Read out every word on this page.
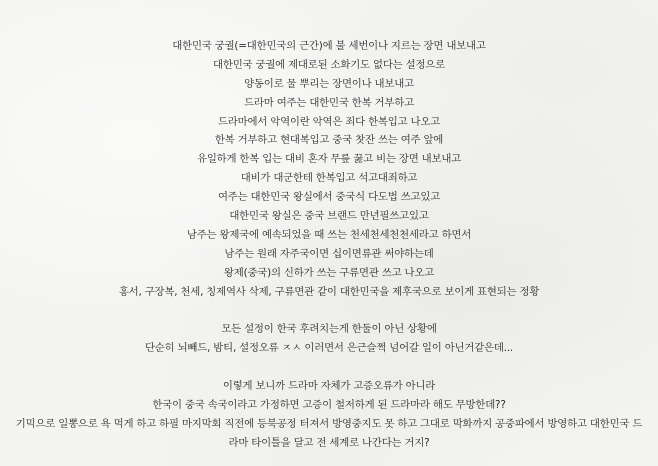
대한민국 궁궐(=대한민국의 근간)에 불 세번이나 지르는 장면 내보내고
대한민국 궁궐에 제대로된 소화기도 없다는 설정으로
양동이로 물 뿌리는 장면이나 내보내고
드라마 여주는 대한민국 한복 거부하고
드라마에서 악역이란 악역은 죄다 한복입고 나오고
한복 거부하고 현대복입고 중국 찻잔 쓰는 여주 앞에
유일하게 한복 입는 대비 혼자 무릎 꿇고 비는 장면 내보내고
대비가 대군한테 한복입고 석고대죄하고
여주는 대한민국 왕실에서 중국식 다도법 쓰고있고
대한민국 왕실은 중국 브랜드 만년필쓰고있고
남주는 왕제국에 예속되었을 때 쓰는 천세천세천천세라고 하면서
남주는 원래 자주국이면 십이면류관 써야하는데
왕제(중국)의 신하가 쓰는 구류면관 쓰고 나오고
홍서, 구장복, 천세, 칭제역사 삭제, 구류면관 같이 대한민국을 제후국으로 보이게 표현되는 정황
모든 설정이 한국 후려치는게 한둘이 아닌 상황에
단순히 뇌빼드, 밤티, 설정오류 ㅈㅅ 이러면서 은근슬쩍 넘어갈 일이 아닌거같은데...
이렇게 보니까 드라마 자체가 고증오류가 아니라
한국이 중국 속국이라고 가정하면 고증이 철저하게 된 드라마라 해도 무방한데??
기믹으로 일뽕으로 욕 먹게 하고 하필 마지막회 직전에 등북공정 터져서 방영중지도 못 하고 그대로 막화까지 공중파에서 방영하고 대한민국 드라마 타이틀을 달고 전 세계로 나간다는 거지?
